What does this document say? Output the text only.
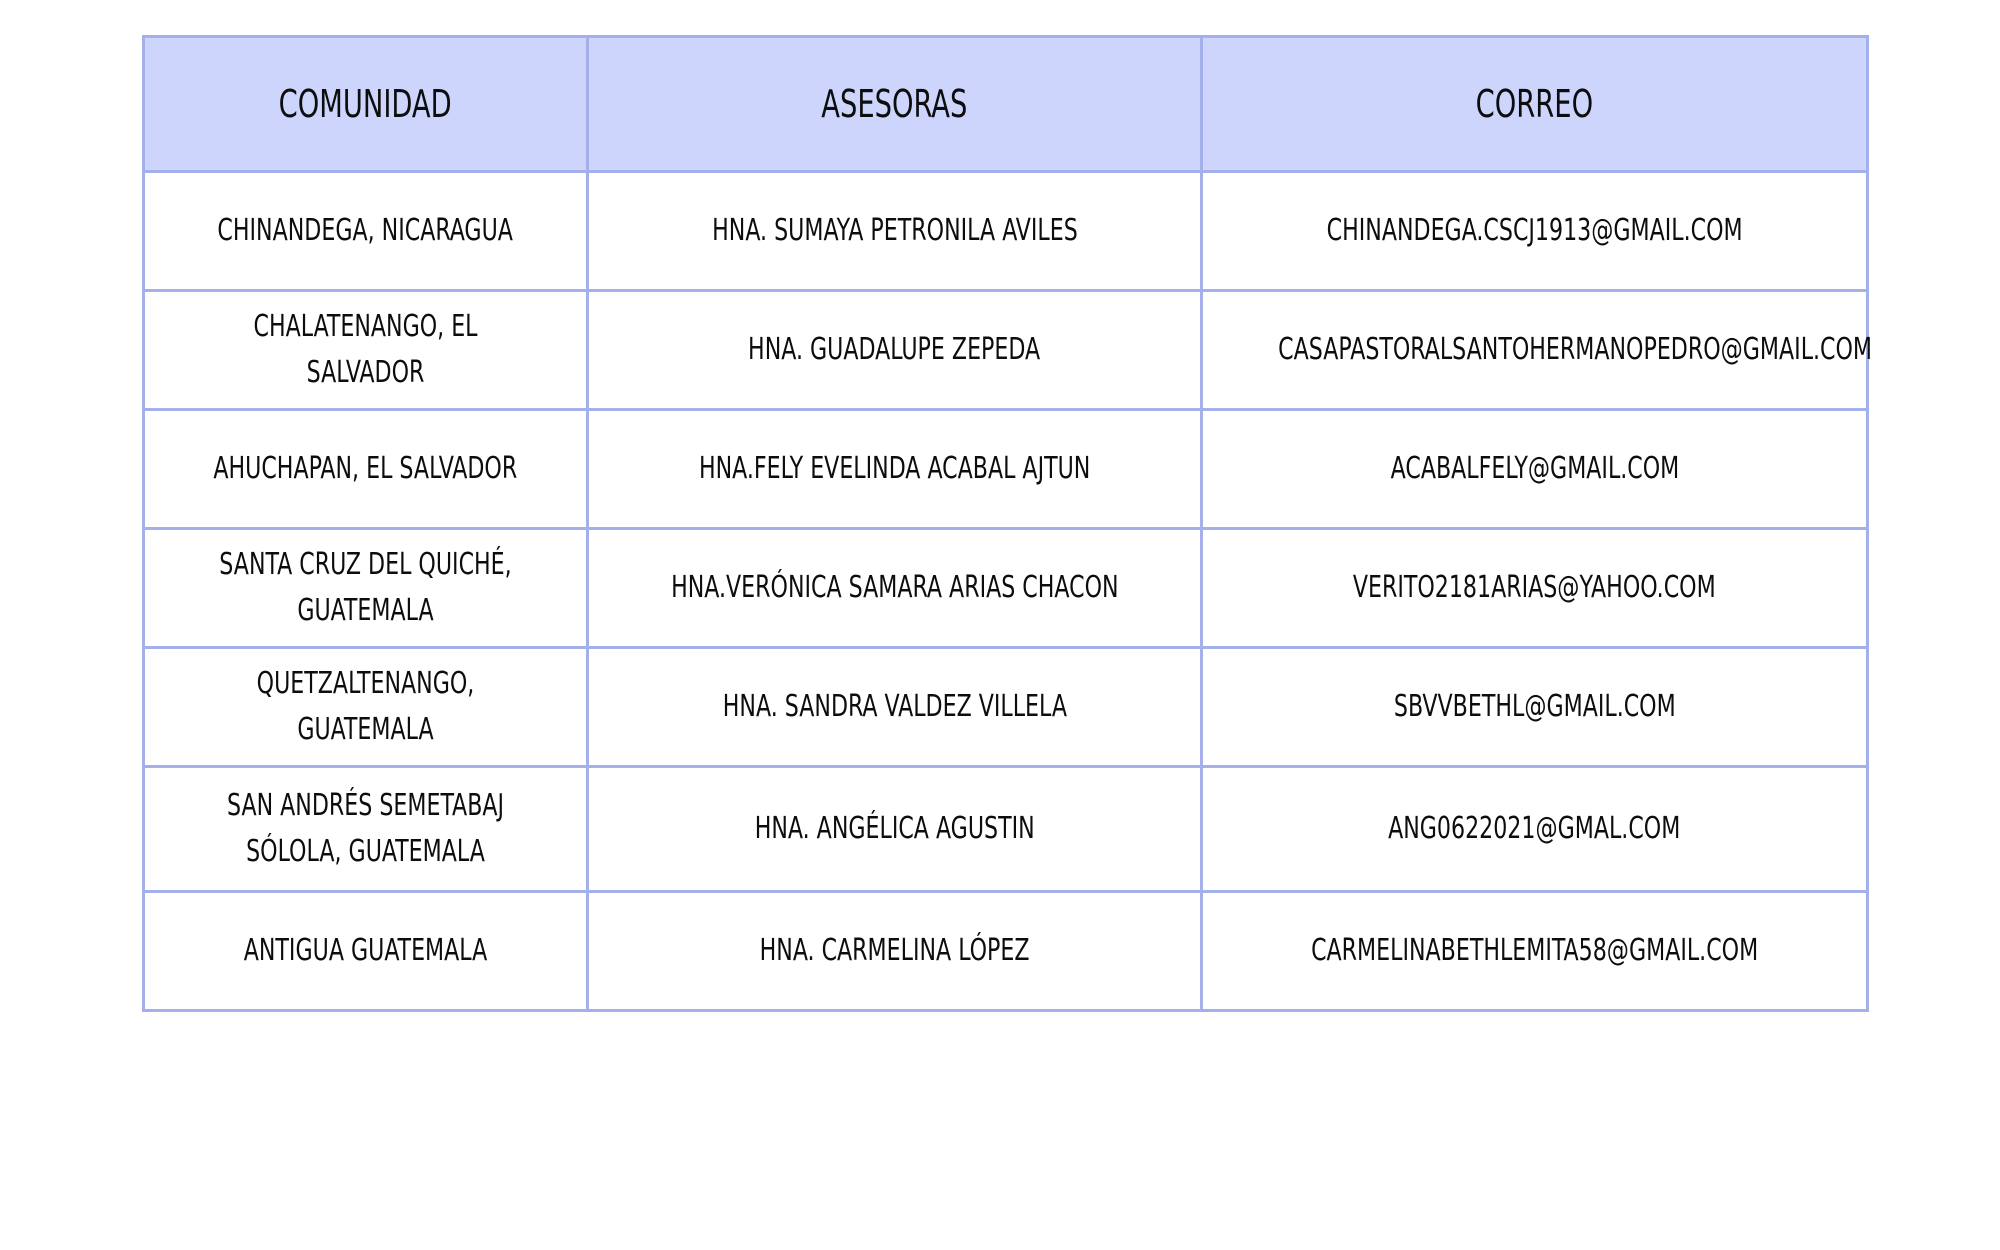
COMUNIDAD	ASESORAS	CORREO
CHINANDEGA, NICARAGUA	HNA. SUMAYA PETRONILA AVILES	CHINANDEGA.CSCJ1913@GMAIL.COM
CHALATENANGO, EL SALVADOR	HNA. GUADALUPE ZEPEDA	CASAPASTORALSANTOHERMANOPEDRO@GMAIL.COM
AHUCHAPAN, EL SALVADOR	HNA.FELY EVELINDA ACABAL AJTUN	ACABALFELY@GMAIL.COM
SANTA CRUZ DEL QUICHÉ, GUATEMALA	HNA.VERÓNICA SAMARA ARIAS CHACON	VERITO2181ARIAS@YAHOO.COM
QUETZALTENANGO, GUATEMALA	HNA. SANDRA VALDEZ VILLELA	SBVVBETHL@GMAIL.COM
SAN ANDRÉS SEMETABAJ SÓLOLA, GUATEMALA	HNA. ANGÉLICA AGUSTIN	ANG0622021@GMAL.COM
ANTIGUA GUATEMALA	HNA. CARMELINA LÓPEZ	CARMELINABETHLEMITA58@GMAIL.COM
